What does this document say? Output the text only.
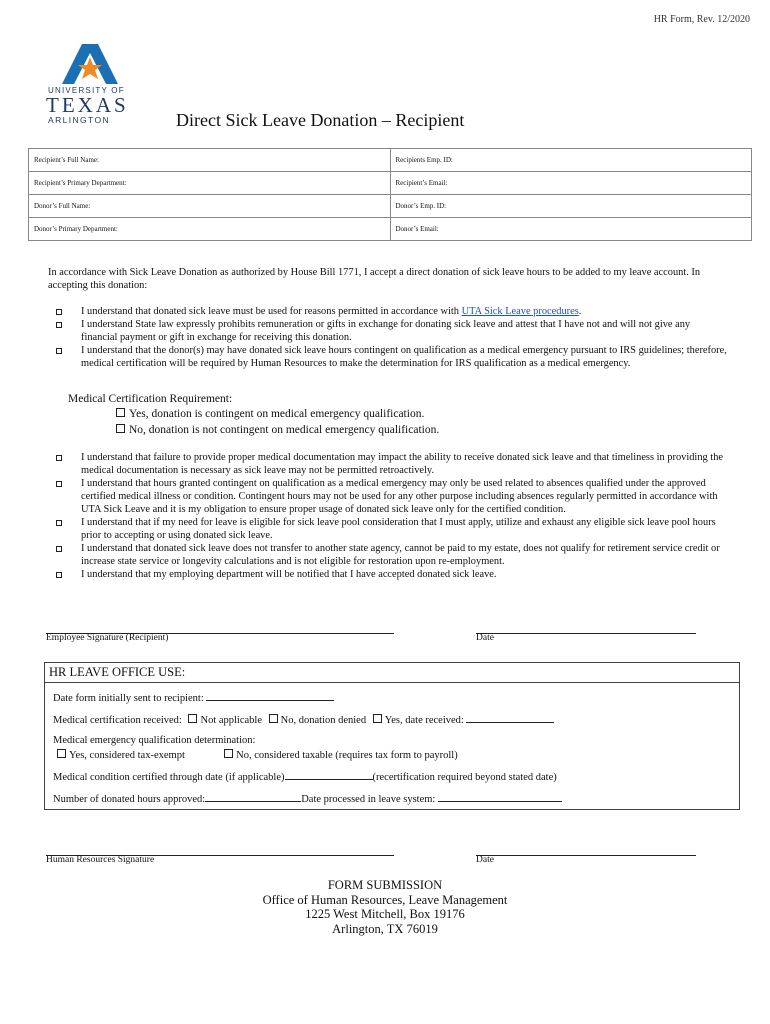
HR Form, Rev. 12/2020
UNIVERSITY OF
TEXAS
ARLINGTON	Direct Sick Leave Donation – Recipient
Recipient’s Full Name:	Recipients Emp. ID:
Recipient’s Primary Department:	Recipient’s Email:
Donor’s Full Name:	Donor’s Emp. ID:
Donor’s Primary Department:	Donor’s Email:
In accordance with Sick Leave Donation as authorized by House Bill 1771, I accept a direct donation of sick leave hours to be added to my leave account. In accepting this donation:
I understand that donated sick leave must be used for reasons permitted in accordance with UTA Sick Leave procedures.
I understand State law expressly prohibits remuneration or gifts in exchange for donating sick leave and attest that I have not and will not give any financial payment or gift in exchange for receiving this donation.
I understand that the donor(s) may have donated sick leave hours contingent on qualification as a medical emergency pursuant to IRS guidelines; therefore, medical certification will be required by Human Resources to make the determination for IRS qualification as a medical emergency.
Medical Certification Requirement:
Yes, donation is contingent on medical emergency qualification.
No, donation is not contingent on medical emergency qualification.
I understand that failure to provide proper medical documentation may impact the ability to receive donated sick leave and that timeliness in providing the medical documentation is necessary as sick leave may not be permitted retroactively.
I understand that hours granted contingent on qualification as a medical emergency may only be used related to absences qualified under the approved certified medical illness or condition. Contingent hours may not be used for any other purpose including absences regularly permitted in accordance with UTA Sick Leave and it is my obligation to ensure proper usage of donated sick leave only for the certified condition.
I understand that if my need for leave is eligible for sick leave pool consideration that I must apply, utilize and exhaust any eligible sick leave pool hours prior to accepting or using donated sick leave.
I understand that donated sick leave does not transfer to another state agency, cannot be paid to my estate, does not qualify for retirement service credit or increase state service or longevity calculations and is not eligible for restoration upon re-employment.
I understand that my employing department will be notified that I have accepted donated sick leave.
Employee Signature (Recipient)	Date
HR LEAVE OFFICE USE:
Date form initially sent to recipient:
Medical certification received: Not applicable No, donation denied Yes, date received:
Medical emergency qualification determination:
Yes, considered tax-exempt	No, considered taxable (requires tax form to payroll)
Medical condition certified through date (if applicable)	(recertification required beyond stated date)
Number of donated hours approved:	Date processed in leave system:
Human Resources Signature	Date
FORM SUBMISSION
Office of Human Resources, Leave Management
1225 West Mitchell, Box 19176
Arlington, TX 76019
